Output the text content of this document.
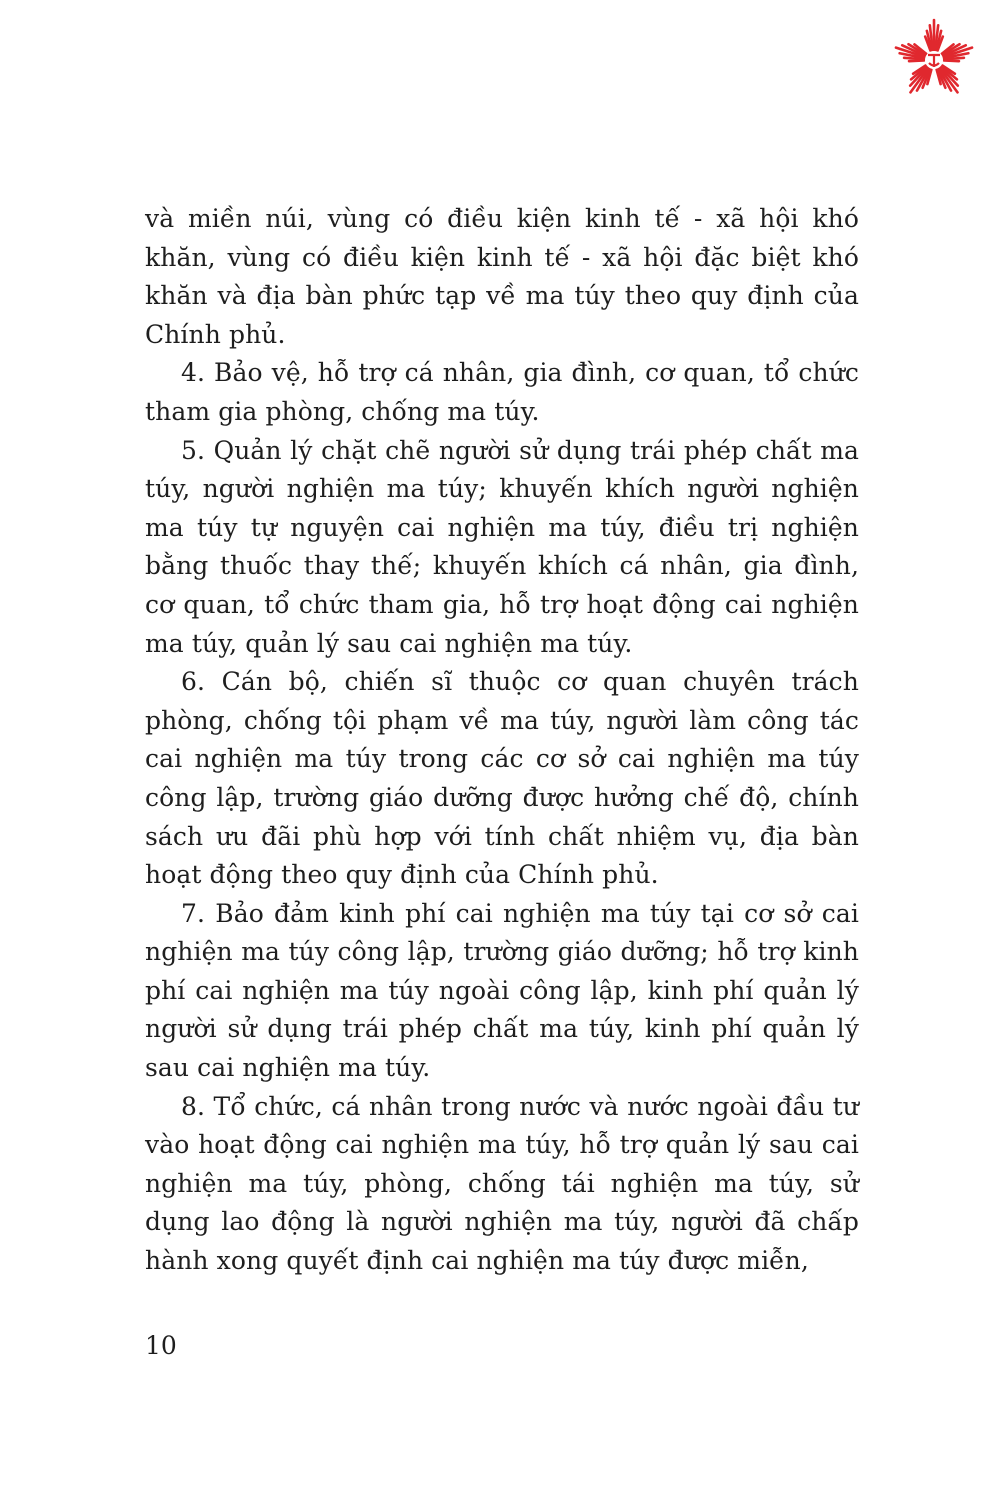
và miền núi, vùng có điều kiện kinh tế - xã hội khó khăn, vùng có điều kiện kinh tế - xã hội đặc biệt khó khăn và địa bàn phức tạp về ma túy theo quy định của Chính phủ.

4. Bảo vệ, hỗ trợ cá nhân, gia đình, cơ quan, tổ chức tham gia phòng, chống ma túy.

5. Quản lý chặt chẽ người sử dụng trái phép chất ma túy, người nghiện ma túy; khuyến khích người nghiện ma túy tự nguyện cai nghiện ma túy, điều trị nghiện bằng thuốc thay thế; khuyến khích cá nhân, gia đình, cơ quan, tổ chức tham gia, hỗ trợ hoạt động cai nghiện ma túy, quản lý sau cai nghiện ma túy.

6. Cán bộ, chiến sĩ thuộc cơ quan chuyên trách phòng, chống tội phạm về ma túy, người làm công tác cai nghiện ma túy trong các cơ sở cai nghiện ma túy công lập, trường giáo dưỡng được hưởng chế độ, chính sách ưu đãi phù hợp với tính chất nhiệm vụ, địa bàn hoạt động theo quy định của Chính phủ.

7. Bảo đảm kinh phí cai nghiện ma túy tại cơ sở cai nghiện ma túy công lập, trường giáo dưỡng; hỗ trợ kinh phí cai nghiện ma túy ngoài công lập, kinh phí quản lý người sử dụng trái phép chất ma túy, kinh phí quản lý sau cai nghiện ma túy.

8. Tổ chức, cá nhân trong nước và nước ngoài đầu tư vào hoạt động cai nghiện ma túy, hỗ trợ quản lý sau cai nghiện ma túy, phòng, chống tái nghiện ma túy, sử dụng lao động là người nghiện ma túy, người đã chấp hành xong quyết định cai nghiện ma túy được miễn,

10
